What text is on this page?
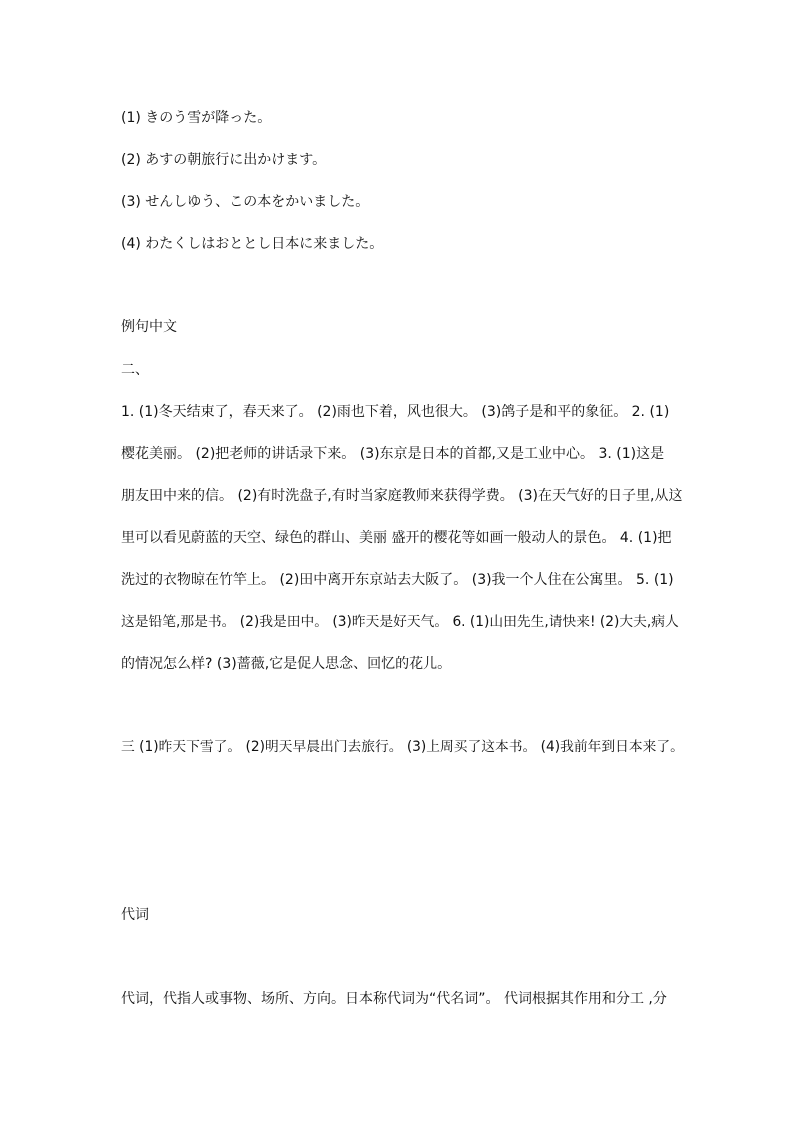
(1) きのう雪が降った。

(2) あすの朝旅行に出かけます。

(3) せんしゆう、この本をかいました。

(4) わたくしはおととし日本に来ました。

例句中文

二、

1. (1)冬天结束了，春天来了。 (2)雨也下着，风也很大。 (3)鸽子是和平的象征。 2. (1)

樱花美丽。 (2)把老师的讲话录下来。 (3)东京是日本的首都,又是工业中心。 3. (1)这是

朋友田中来的信。 (2)有时洗盘子,有时当家庭教师来获得学费。 (3)在天气好的日子里,从这

里可以看见蔚蓝的天空、绿色的群山、美丽 盛开的樱花等如画一般动人的景色。 4. (1)把

洗过的衣物晾在竹竿上。 (2)田中离开东京站去大阪了。 (3)我一个人住在公寓里。 5. (1)

这是铅笔,那是书。 (2)我是田中。 (3)昨天是好天气。 6. (1)山田先生,请快来! (2)大夫,病人

的情况怎么样? (3)蔷薇,它是促人思念、回忆的花儿。

三 (1)昨天下雪了。 (2)明天早晨出门去旅行。 (3)上周买了这本书。 (4)我前年到日本来了。

代词

代词，代指人或事物、场所、方向。日本称代词为“代名词”。 代词根据其作用和分工 ,分
